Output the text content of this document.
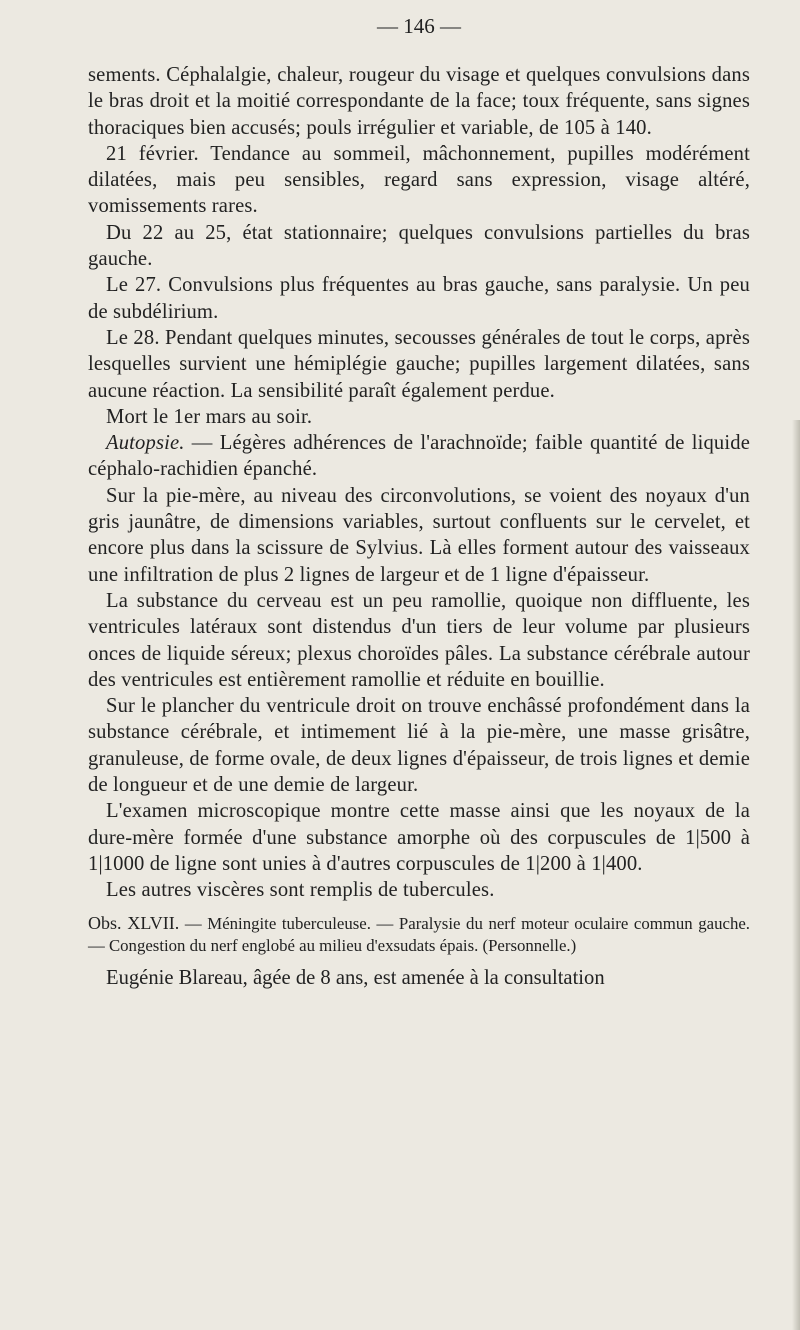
— 146 —

sements. Céphalalgie, chaleur, rougeur du visage et quelques convulsions dans le bras droit et la moitié correspondante de la face; toux fréquente, sans signes thoraciques bien accusés; pouls irrégulier et variable, de 105 à 140.

21 février. Tendance au sommeil, mâchonnement, pupilles modérément dilatées, mais peu sensibles, regard sans expression, visage altéré, vomissements rares.

Du 22 au 25, état stationnaire; quelques convulsions partielles du bras gauche.

Le 27. Convulsions plus fréquentes au bras gauche, sans paralysie. Un peu de subdélirium.

Le 28. Pendant quelques minutes, secousses générales de tout le corps, après lesquelles survient une hémiplégie gauche; pupilles largement dilatées, sans aucune réaction. La sensibilité paraît également perdue.

Mort le 1er mars au soir.

Autopsie. — Légères adhérences de l'arachnoïde; faible quantité de liquide céphalo-rachidien épanché.

Sur la pie-mère, au niveau des circonvolutions, se voient des noyaux d'un gris jaunâtre, de dimensions variables, surtout confluents sur le cervelet, et encore plus dans la scissure de Sylvius. Là elles forment autour des vaisseaux une infiltration de plus 2 lignes de largeur et de 1 ligne d'épaisseur.

La substance du cerveau est un peu ramollie, quoique non diffluente, les ventricules latéraux sont distendus d'un tiers de leur volume par plusieurs onces de liquide séreux; plexus choroïdes pâles. La substance cérébrale autour des ventricules est entièrement ramollie et réduite en bouillie.

Sur le plancher du ventricule droit on trouve enchâssé profondément dans la substance cérébrale, et intimement lié à la pie-mère, une masse grisâtre, granuleuse, de forme ovale, de deux lignes d'épaisseur, de trois lignes et demie de longueur et de une demie de largeur.

L'examen microscopique montre cette masse ainsi que les noyaux de la dure-mère formée d'une substance amorphe où des corpuscules de 1|500 à 1|1000 de ligne sont unies à d'autres corpuscules de 1|200 à 1|400.

Les autres viscères sont remplis de tubercules.

Obs. XLVII. — Méningite tuberculeuse. — Paralysie du nerf moteur oculaire commun gauche. — Congestion du nerf englobé au milieu d'exsudats épais. (Personnelle.)

Eugénie Blareau, âgée de 8 ans, est amenée à la consultation
